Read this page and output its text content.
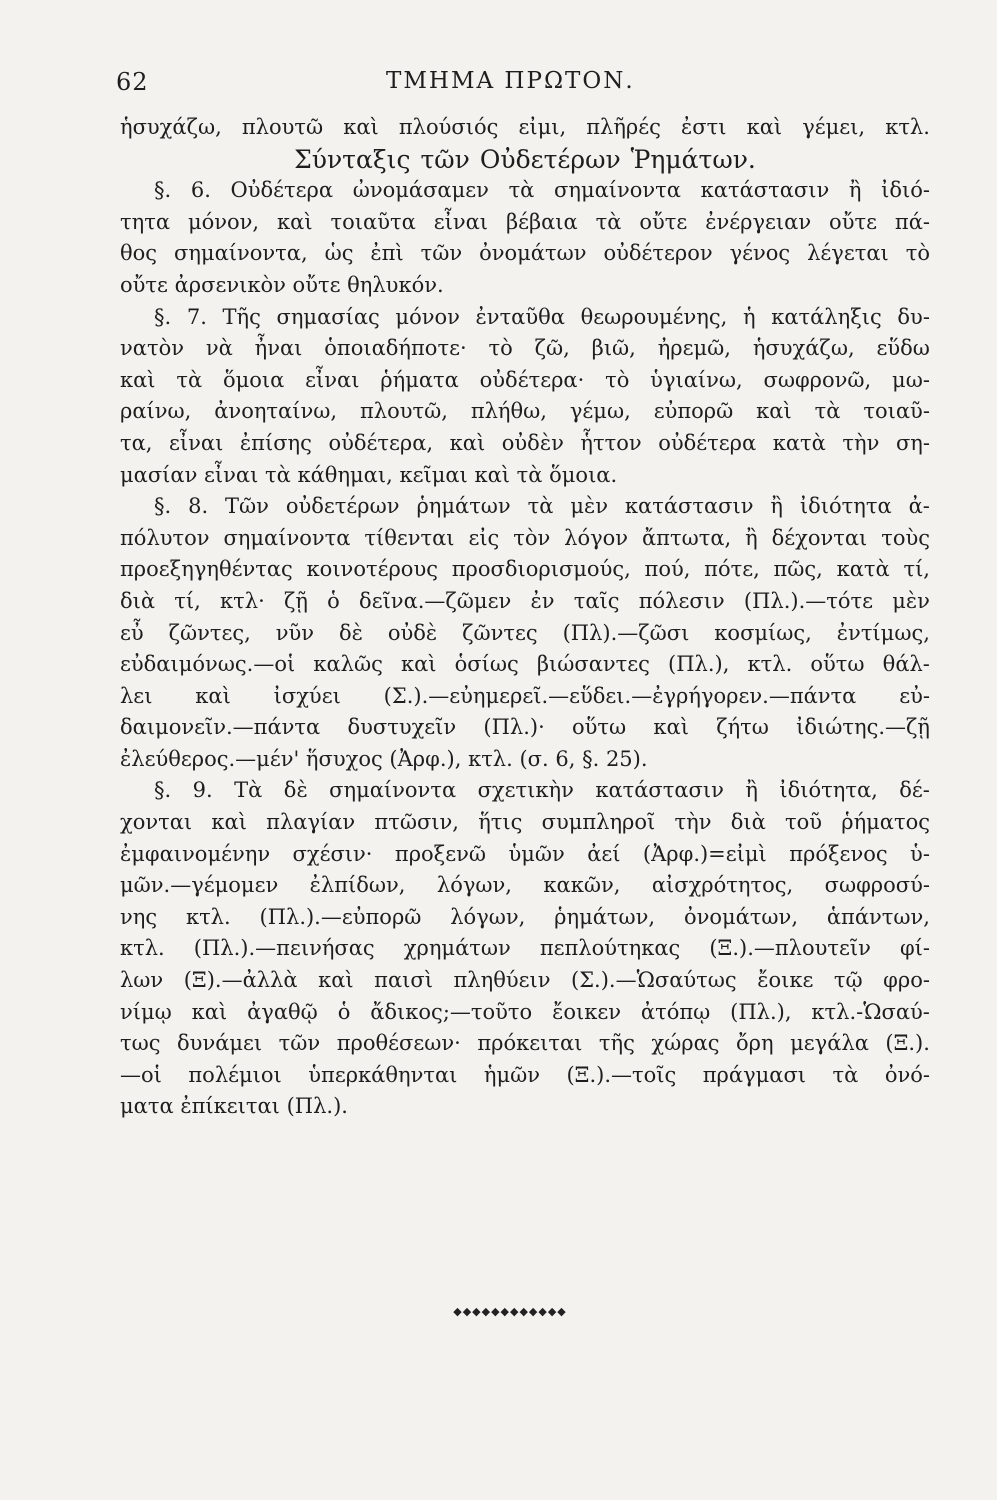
62	ΤΜΗΜΑ ΠΡΩΤΟΝ.
ἡσυχάζω, πλουτῶ καὶ πλούσιός εἰμι, πλῆρές ἐστι καὶ γέμει, κτλ.
Σύνταξις τῶν Οὐδετέρων Ῥημάτων.
§. 6. Οὐδέτερα ὠνομάσαμεν τὰ σημαίνοντα κατάστασιν ἢ ἰδιό-
τητα μόνον, καὶ τοιαῦτα εἶναι βέβαια τὰ οὔτε ἐνέργειαν οὔτε πά-
θος σημαίνοντα, ὡς ἐπὶ τῶν ὀνομάτων οὐδέτερον γένος λέγεται τὸ
οὔτε ἀρσενικὸν οὔτε θηλυκόν.
§. 7. Τῆς σημασίας μόνον ἐνταῦθα θεωρουμένης, ἡ κατάληξις δυ-
νατὸν νὰ ἦναι ὁποιαδήποτε· τὸ ζῶ, βιῶ, ἠρεμῶ, ἡσυχάζω, εὕδω
καὶ τὰ ὅμοια εἶναι ῥήματα οὐδέτερα· τὸ ὑγιαίνω, σωφρονῶ, μω-
ραίνω, ἀνοηταίνω, πλουτῶ, πλήθω, γέμω, εὐπορῶ καὶ τὰ τοιαῦ-
τα, εἶναι ἐπίσης οὐδέτερα, καὶ οὐδὲν ἧττον οὐδέτερα κατὰ τὴν ση-
μασίαν εἶναι τὰ κάθημαι, κεῖμαι καὶ τὰ ὅμοια.
§. 8. Τῶν οὐδετέρων ῥημάτων τὰ μὲν κατάστασιν ἢ ἰδιότητα ἀ-
πόλυτον σημαίνοντα τίθενται εἰς τὸν λόγον ἄπτωτα, ἢ δέχονται τοὺς
προεξηγηθέντας κοινοτέρους προσδιορισμούς, πού, πότε, πῶς, κατὰ τί,
διὰ τί, κτλ· ζῇ ὁ δεῖνα.—ζῶμεν ἐν ταῖς πόλεσιν (Πλ.).—τότε μὲν
εὖ ζῶντες, νῦν δὲ οὐδὲ ζῶντες (Πλ).—ζῶσι κοσμίως, ἐντίμως,
εὐδαιμόνως.—οἱ καλῶς καὶ ὁσίως βιώσαντες (Πλ.), κτλ. οὕτω θάλ-
λει καὶ ἰσχύει (Σ.).—εὐημερεῖ.—εὕδει.—ἐγρήγορεν.—πάντα εὐ-
δαιμονεῖν.—πάντα δυστυχεῖν (Πλ.)· οὕτω καὶ ζήτω ἰδιώτης.—ζῇ
ἐλεύθερος.—μέν' ἥσυχος (Ἀρφ.), κτλ. (σ. 6, §. 25).
§. 9. Τὰ δὲ σημαίνοντα σχετικὴν κατάστασιν ἢ ἰδιότητα, δέ-
χονται καὶ πλαγίαν πτῶσιν, ἥτις συμπληροῖ τὴν διὰ τοῦ ῥήματος
ἐμφαινομένην σχέσιν· προξενῶ ὑμῶν ἀεί (Ἀρφ.)=εἰμὶ πρόξενος ὑ-
μῶν.—γέμομεν ἐλπίδων, λόγων, κακῶν, αἰσχρότητος, σωφροσύ-
νης κτλ. (Πλ.).—εὐπορῶ λόγων, ῥημάτων, ὀνομάτων, ἁπάντων,
κτλ. (Πλ.).—πεινήσας χρημάτων πεπλούτηκας (Ξ.).—πλουτεῖν φί-
λων (Ξ).—ἀλλὰ καὶ παισὶ πληθύειν (Σ.).—Ὡσαύτως ἔοικε τῷ φρο-
νίμῳ καὶ ἀγαθῷ ὁ ἄδικος;—τοῦτο ἔοικεν ἀτόπῳ (Πλ.), κτλ.-Ὡσαύ-
τως δυνάμει τῶν προθέσεων· πρόκειται τῆς χώρας ὄρη μεγάλα (Ξ.).
—οἱ πολέμιοι ὑπερκάθηνται ἡμῶν (Ξ.).—τοῖς πράγμασι τὰ ὀνό-
ματα ἐπίκειται (Πλ.).
◆◆◆◆◆◆◆◆◆◆◆◆
